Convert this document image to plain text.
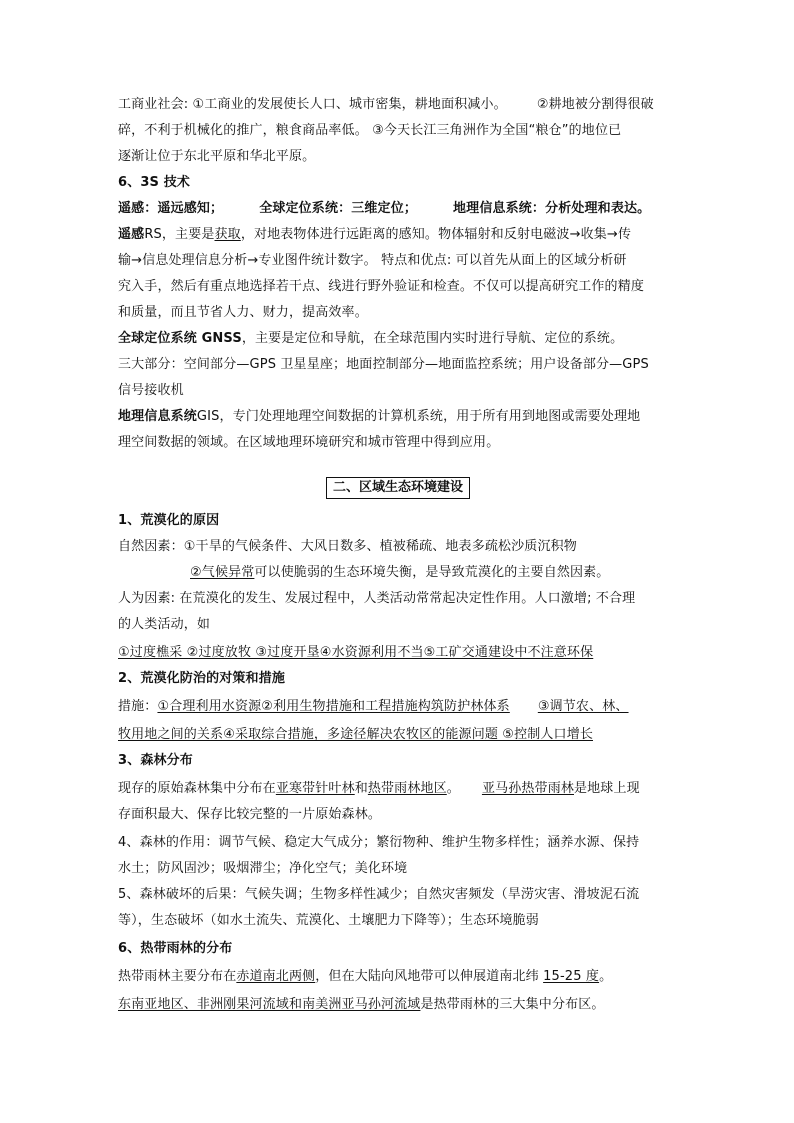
工商业社会: ①工商业的发展使长人口、城市密集，耕地面积减小。 ②耕地被分割得很破
碎，不利于机械化的推广，粮食商品率低。 ③今天长江三角洲作为全国“粮仓”的地位已
逐渐让位于东北平原和华北平原。
6、3S 技术
遥感：遥远感知；	全球定位系统：三维定位；	地理信息系统：分析处理和表达。
遥感RS，主要是获取，对地表物体进行远距离的感知。物体辐射和反射电磁波→收集→传
输→信息处理信息分析→专业图件统计数字。 特点和优点: 可以首先从面上的区域分析研
究入手，然后有重点地选择若干点、线进行野外验证和检查。不仅可以提高研究工作的精度
和质量，而且节省人力、财力，提高效率。
全球定位系统 GNSS，主要是定位和导航，在全球范围内实时进行导航、定位的系统。
三大部分：空间部分—GPS 卫星星座；地面控制部分—地面监控系统；用户设备部分—GPS
信号接收机
地理信息系统GIS，专门处理地理空间数据的计算机系统，用于所有用到地图或需要处理地
理空间数据的领域。在区域地理环境研究和城市管理中得到应用。
二、区域生态环境建设
1、荒漠化的原因
自然因素：①干旱的气候条件、大风日数多、植被稀疏、地表多疏松沙质沉积物
②气候异常可以使脆弱的生态环境失衡，是导致荒漠化的主要自然因素。
人为因素: 在荒漠化的发生、发展过程中，人类活动常常起决定性作用。人口激增; 不合理
的人类活动，如
①过度樵采 ②过度放牧 ③过度开垦④水资源利用不当⑤工矿交通建设中不注意环保
2、荒漠化防治的对策和措施
措施：①合理利用水资源②利用生物措施和工程措施构筑防护林体系 ③调节农、林、
牧用地之间的关系④采取综合措施，多途径解决农牧区的能源问题 ⑤控制人口增长
3、森林分布
现存的原始森林集中分布在亚寒带针叶林和热带雨林地区。 亚马孙热带雨林是地球上现
存面积最大、保存比较完整的一片原始森林。
4、森林的作用：调节气候、稳定大气成分；繁衍物种、维护生物多样性；涵养水源、保持
水土；防风固沙；吸烟滞尘；净化空气；美化环境
5、森林破坏的后果：气候失调；生物多样性减少；自然灾害频发（旱涝灾害、滑坡泥石流
等），生态破坏（如水土流失、荒漠化、土壤肥力下降等）；生态环境脆弱
6、热带雨林的分布
热带雨林主要分布在赤道南北两侧，但在大陆向风地带可以伸展道南北纬 15-25 度。
东南亚地区、非洲刚果河流域和南美洲亚马孙河流域是热带雨林的三大集中分布区。
